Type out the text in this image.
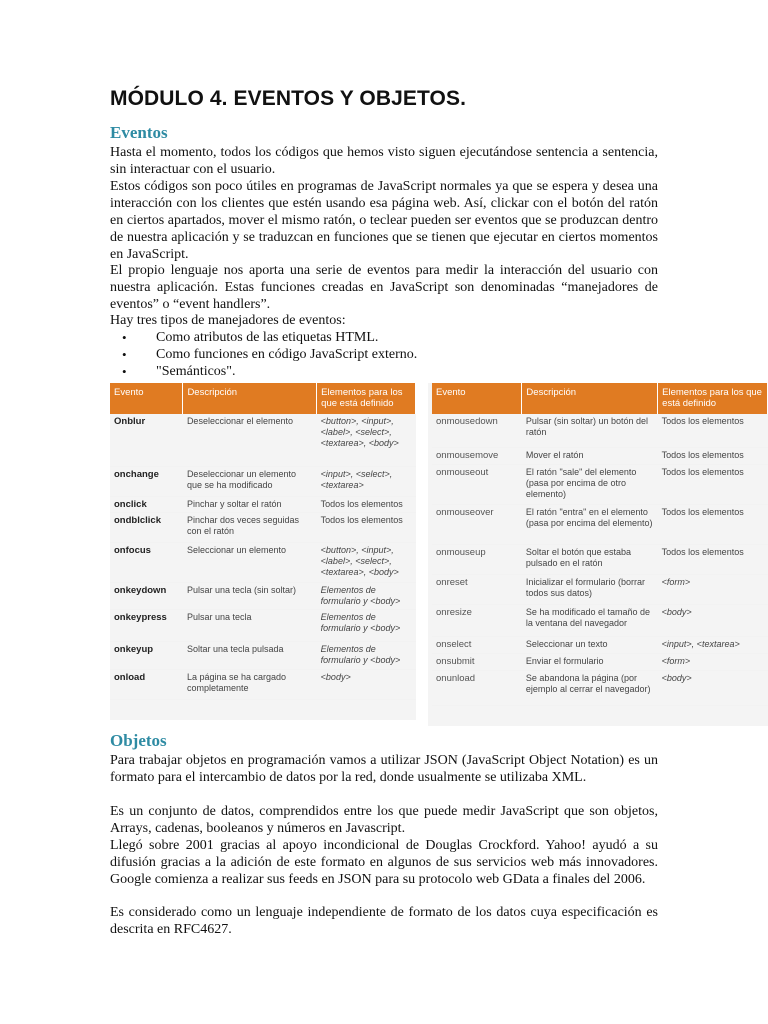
MÓDULO 4. EVENTOS Y OBJETOS.
Eventos

Hasta el momento, todos los códigos que hemos visto siguen ejecutándose sentencia a sentencia, sin interactuar con el usuario.

Estos códigos son poco útiles en programas de JavaScript normales ya que se espera y desea una interacción con los clientes que estén usando esa página web. Así, clickar con el botón del ratón en ciertos apartados, mover el mismo ratón, o teclear pueden ser eventos que se produzcan dentro de nuestra aplicación y se traduzcan en funciones que se tienen que ejecutar en ciertos momentos en JavaScript.

El propio lenguaje nos aporta una serie de eventos para medir la interacción del usuario con nuestra aplicación. Estas funciones creadas en JavaScript son denominadas “manejadores de eventos” o “event handlers”.

Hay tres tipos de manejadores de eventos:

• Como atributos de las etiquetas HTML.
• Como funciones en código JavaScript externo.
• "Semánticos".
Evento	Descripción	Elementos para los que está definido
Onblur	Deseleccionar el elemento	<button>, <input>, <label>, <select>, <textarea>, <body>
onchange	Deseleccionar un elemento que se ha modificado	<input>, <select>, <textarea>
onclick	Pinchar y soltar el ratón	Todos los elementos
ondblclick	Pinchar dos veces seguidas con el ratón	Todos los elementos
onfocus	Seleccionar un elemento	<button>, <input>, <label>, <select>, <textarea>, <body>
onkeydown	Pulsar una tecla (sin soltar)	Elementos de formulario y <body>
onkeypress	Pulsar una tecla	Elementos de formulario y <body>
onkeyup	Soltar una tecla pulsada	Elementos de formulario y <body>
onload	La página se ha cargado completamente	<body>
Evento	Descripción	Elementos para los que está definido
onmousedown	Pulsar (sin soltar) un botón del ratón	Todos los elementos
onmousemove	Mover el ratón	Todos los elementos
onmouseout	El ratón "sale" del elemento (pasa por encima de otro elemento)	Todos los elementos
onmouseover	El ratón "entra" en el elemento (pasa por encima del elemento)	Todos los elementos
onmouseup	Soltar el botón que estaba pulsado en el ratón	Todos los elementos
onreset	Inicializar el formulario (borrar todos sus datos)	<form>
onresize	Se ha modificado el tamaño de la ventana del navegador	<body>
onselect	Seleccionar un texto	<input>, <textarea>
onsubmit	Enviar el formulario	<form>
onunload	Se abandona la página (por ejemplo al cerrar el navegador)	<body>
Objetos

Para trabajar objetos en programación vamos a utilizar JSON (JavaScript Object Notation) es un formato para el intercambio de datos por la red, donde usualmente se utilizaba XML.

Es un conjunto de datos, comprendidos entre los que puede medir JavaScript que son objetos, Arrays, cadenas, booleanos y números en Javascript.

Llegó sobre 2001 gracias al apoyo incondicional de Douglas Crockford. Yahoo! ayudó a su difusión gracias a la adición de este formato en algunos de sus servicios web más innovadores. Google comienza a realizar sus feeds en JSON para su protocolo web GData a finales del 2006.

Es considerado como un lenguaje independiente de formato de los datos cuya especificación es descrita en RFC4627.
